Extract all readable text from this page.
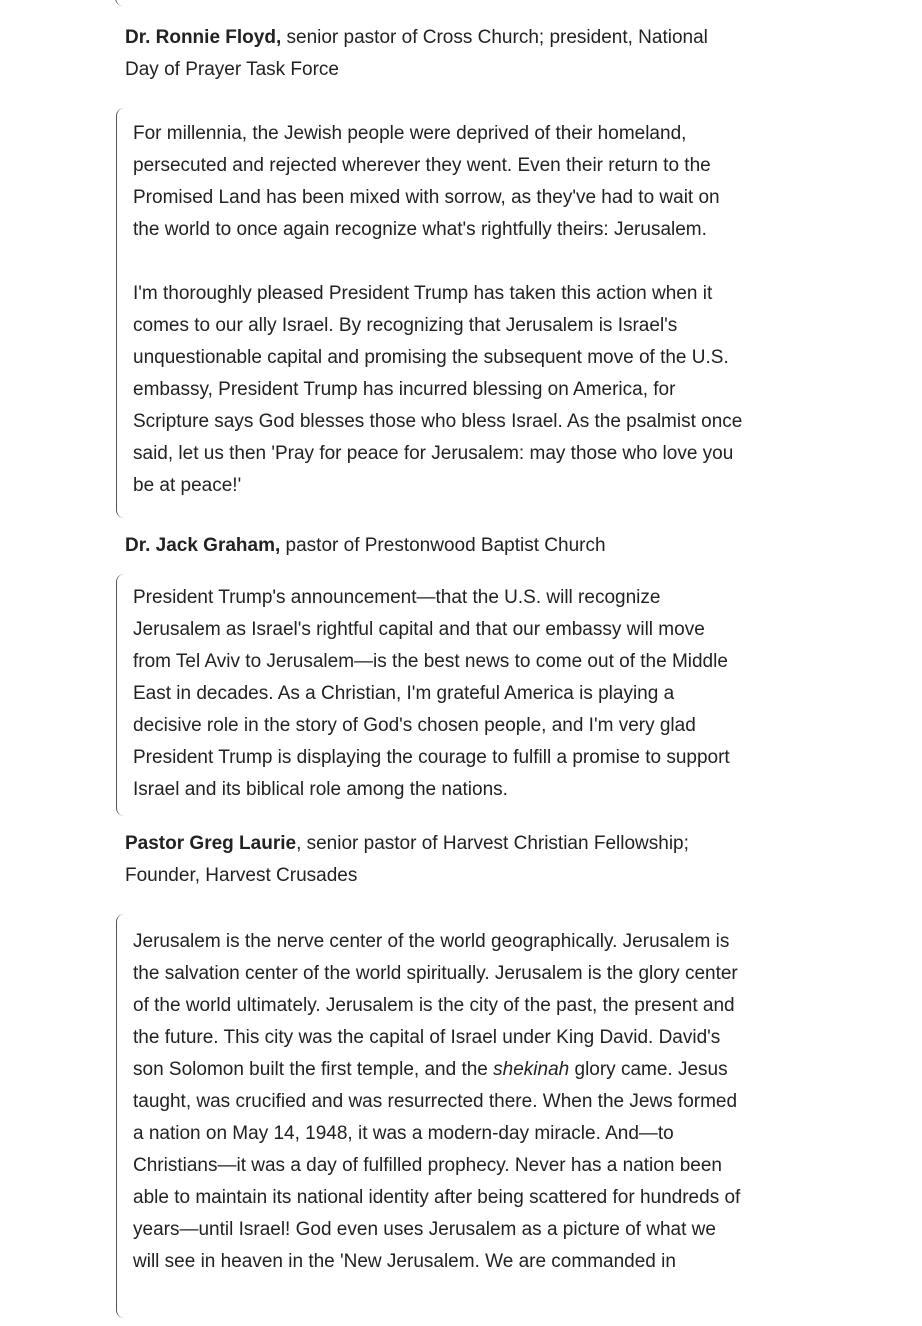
Dr. Ronnie Floyd, senior pastor of Cross Church; president, National Day of Prayer Task Force

For millennia, the Jewish people were deprived of their homeland, persecuted and rejected wherever they went. Even their return to the Promised Land has been mixed with sorrow, as they've had to wait on the world to once again recognize what's rightfully theirs: Jerusalem.

I'm thoroughly pleased President Trump has taken this action when it comes to our ally Israel. By recognizing that Jerusalem is Israel's unquestionable capital and promising the subsequent move of the U.S. embassy, President Trump has incurred blessing on America, for Scripture says God blesses those who bless Israel. As the psalmist once said, let us then 'Pray for peace for Jerusalem: may those who love you be at peace!'

Dr. Jack Graham, pastor of Prestonwood Baptist Church

President Trump's announcement—that the U.S. will recognize Jerusalem as Israel's rightful capital and that our embassy will move from Tel Aviv to Jerusalem—is the best news to come out of the Middle East in decades. As a Christian, I'm grateful America is playing a decisive role in the story of God's chosen people, and I'm very glad President Trump is displaying the courage to fulfill a promise to support Israel and its biblical role among the nations.

Pastor Greg Laurie, senior pastor of Harvest Christian Fellowship; Founder, Harvest Crusades

Jerusalem is the nerve center of the world geographically. Jerusalem is the salvation center of the world spiritually. Jerusalem is the glory center of the world ultimately. Jerusalem is the city of the past, the present and the future. This city was the capital of Israel under King David. David's son Solomon built the first temple, and the shekinah glory came. Jesus taught, was crucified and was resurrected there. When the Jews formed a nation on May 14, 1948, it was a modern-day miracle. And—to Christians—it was a day of fulfilled prophecy. Never has a nation been able to maintain its national identity after being scattered for hundreds of years—until Israel! God even uses Jerusalem as a picture of what we will see in heaven in the 'New Jerusalem. We are commanded in
